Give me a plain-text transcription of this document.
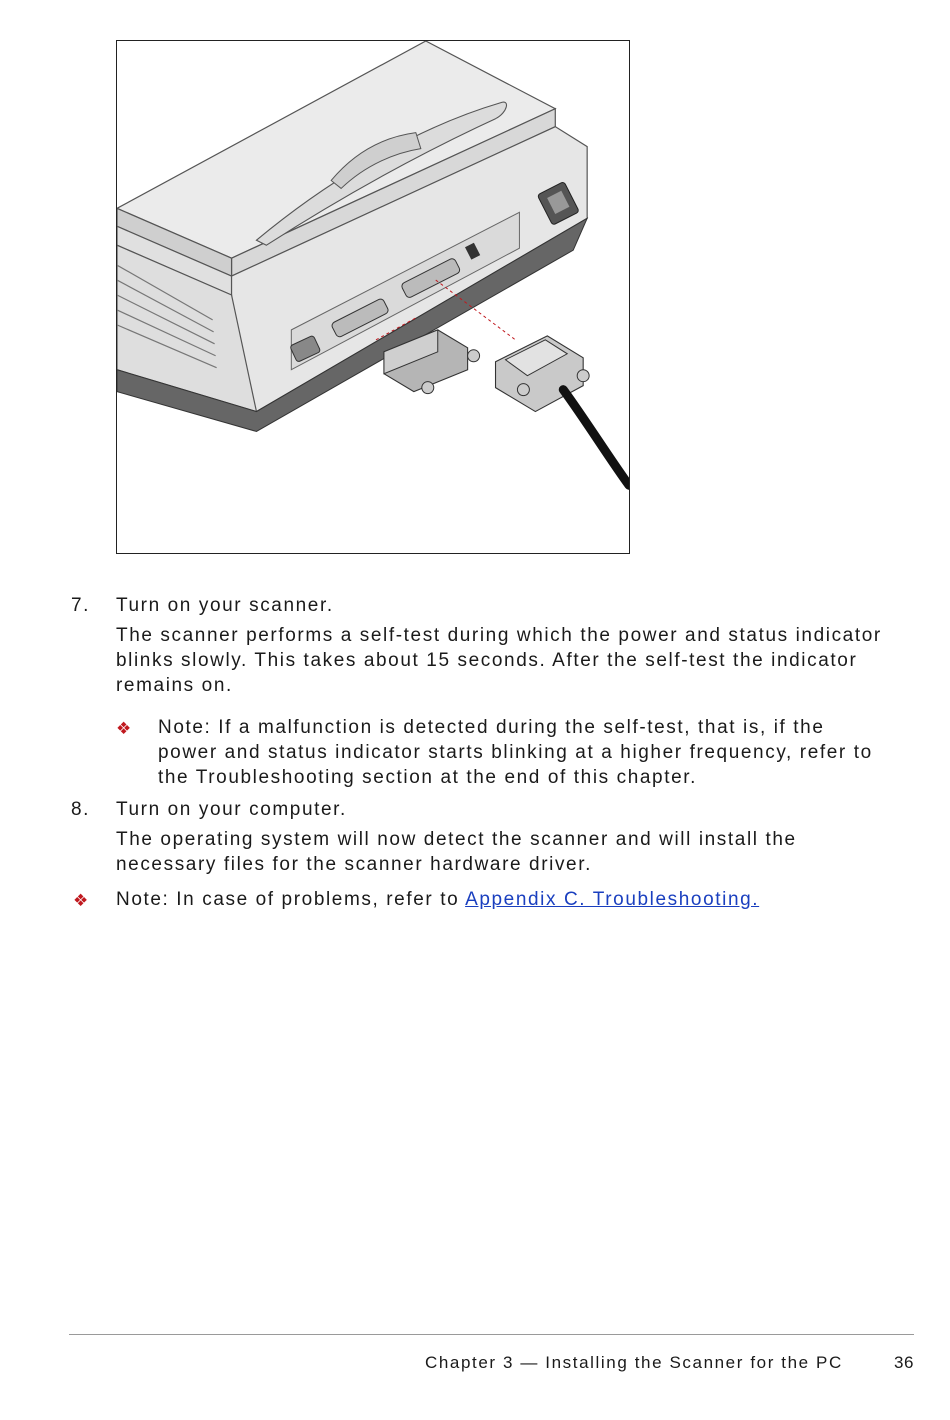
7. Turn on your scanner.
The scanner performs a self-test during which the power and status indicator
blinks slowly. This takes about 15 seconds. After the self-test the indicator
remains on.
❖ Note: If a malfunction is detected during the self-test, that is, if the
power and status indicator starts blinking at a higher frequency, refer to
the Troubleshooting section at the end of this chapter.
8. Turn on your computer.
The operating system will now detect the scanner and will install the
necessary files for the scanner hardware driver.
❖ Note: In case of problems, refer to Appendix C. Troubleshooting.
Chapter 3 — Installing the Scanner for the PC	36
